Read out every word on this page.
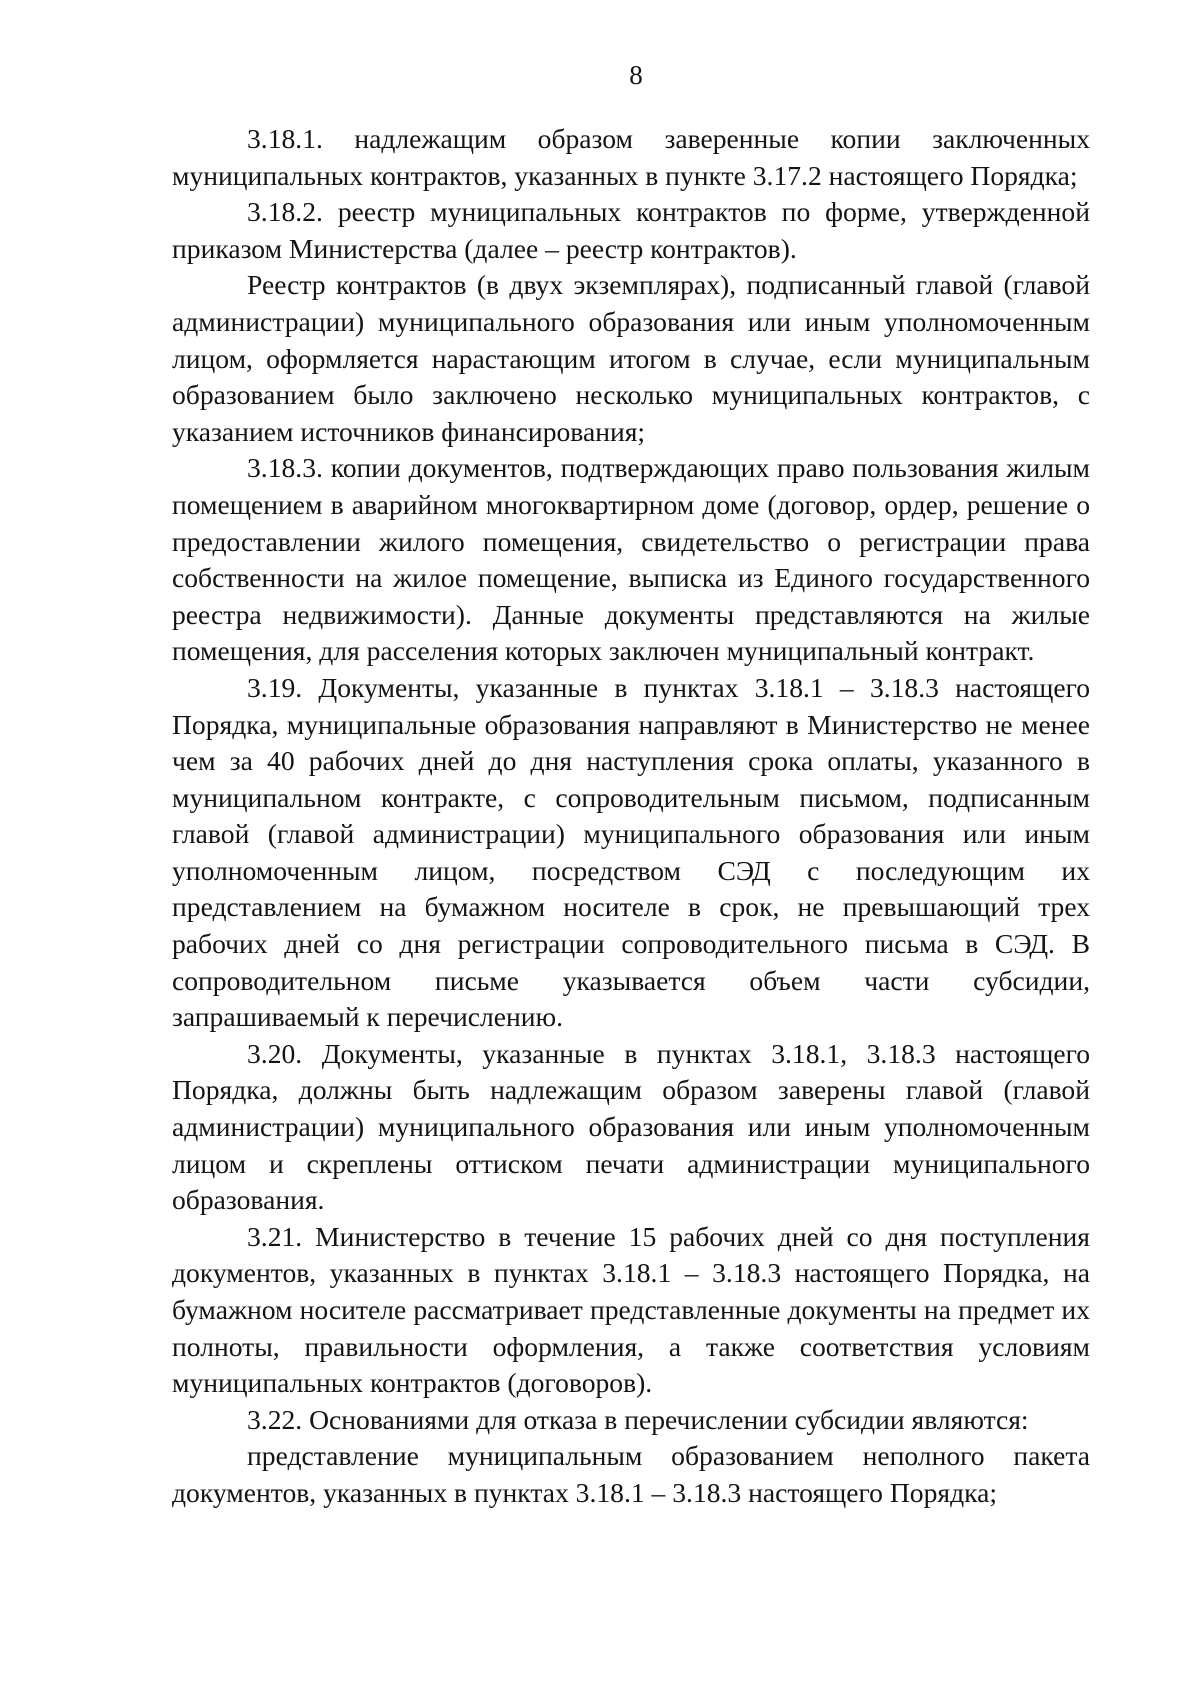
8

3.18.1. надлежащим образом заверенные копии заключенных муниципальных контрактов, указанных в пункте 3.17.2 настоящего Порядка;

3.18.2. реестр муниципальных контрактов по форме, утвержденной приказом Министерства (далее – реестр контрактов).

Реестр контрактов (в двух экземплярах), подписанный главой (главой администрации) муниципального образования или иным уполномоченным лицом, оформляется нарастающим итогом в случае, если муниципальным образованием было заключено несколько муниципальных контрактов, с указанием источников финансирования;

3.18.3. копии документов, подтверждающих право пользования жилым помещением в аварийном многоквартирном доме (договор, ордер, решение о предоставлении жилого помещения, свидетельство о регистрации права собственности на жилое помещение, выписка из Единого государственного реестра недвижимости). Данные документы представляются на жилые помещения, для расселения которых заключен муниципальный контракт.

3.19. Документы, указанные в пунктах 3.18.1 – 3.18.3 настоящего Порядка, муниципальные образования направляют в Министерство не менее чем за 40 рабочих дней до дня наступления срока оплаты, указанного в муниципальном контракте, с сопроводительным письмом, подписанным главой (главой администрации) муниципального образования или иным уполномоченным лицом, посредством СЭД с последующим их представлением на бумажном носителе в срок, не превышающий трех рабочих дней со дня регистрации сопроводительного письма в СЭД. В сопроводительном письме указывается объем части субсидии, запрашиваемый к перечислению.

3.20. Документы, указанные в пунктах 3.18.1, 3.18.3 настоящего Порядка, должны быть надлежащим образом заверены главой (главой администрации) муниципального образования или иным уполномоченным лицом и скреплены оттиском печати администрации муниципального образования.

3.21. Министерство в течение 15 рабочих дней со дня поступления документов, указанных в пунктах 3.18.1 – 3.18.3 настоящего Порядка, на бумажном носителе рассматривает представленные документы на предмет их полноты, правильности оформления, а также соответствия условиям муниципальных контрактов (договоров).

3.22. Основаниями для отказа в перечислении субсидии являются:

представление муниципальным образованием неполного пакета документов, указанных в пунктах 3.18.1 – 3.18.3 настоящего Порядка;
